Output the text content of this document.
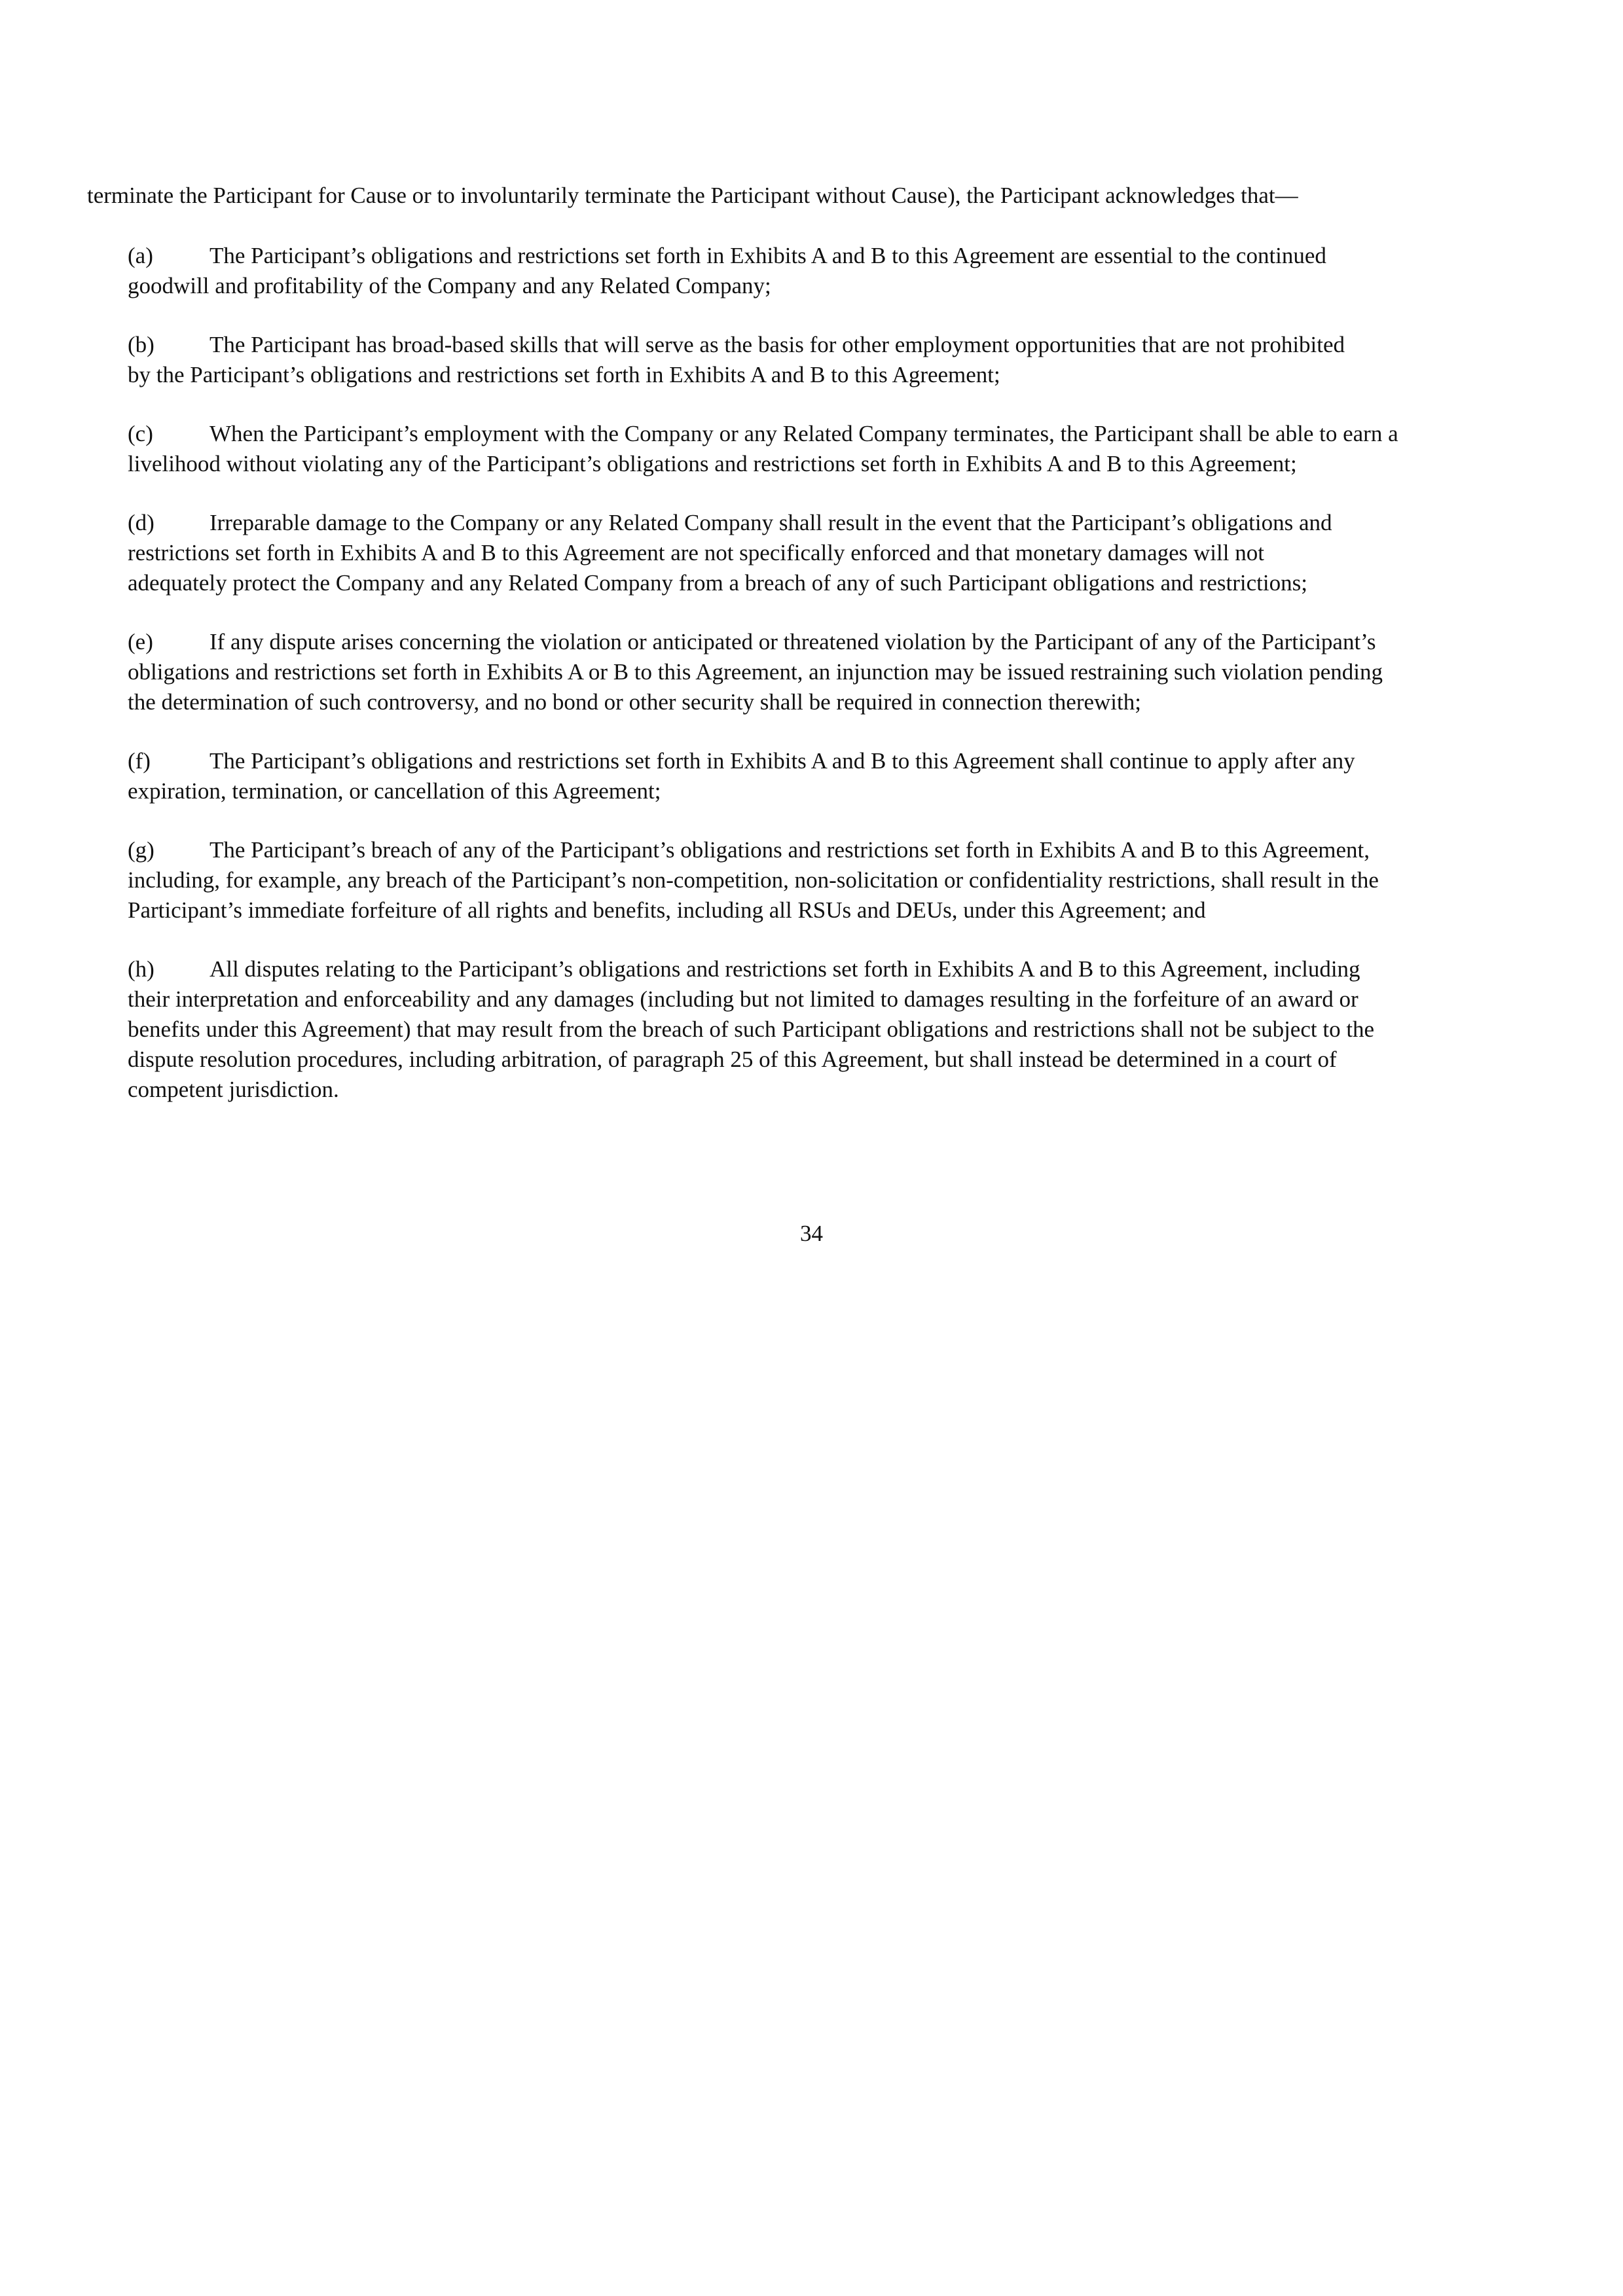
terminate the Participant for Cause or to involuntarily terminate the Participant without Cause), the Participant acknowledges that—

(a) The Participant’s obligations and restrictions set forth in Exhibits A and B to this Agreement are essential to the continued
goodwill and profitability of the Company and any Related Company;

(b) The Participant has broad-based skills that will serve as the basis for other employment opportunities that are not prohibited
by the Participant’s obligations and restrictions set forth in Exhibits A and B to this Agreement;

(c) When the Participant’s employment with the Company or any Related Company terminates, the Participant shall be able to earn a
livelihood without violating any of the Participant’s obligations and restrictions set forth in Exhibits A and B to this Agreement;

(d) Irreparable damage to the Company or any Related Company shall result in the event that the Participant’s obligations and
restrictions set forth in Exhibits A and B to this Agreement are not specifically enforced and that monetary damages will not
adequately protect the Company and any Related Company from a breach of any of such Participant obligations and restrictions;

(e) If any dispute arises concerning the violation or anticipated or threatened violation by the Participant of any of the Participant’s
obligations and restrictions set forth in Exhibits A or B to this Agreement, an injunction may be issued restraining such violation pending
the determination of such controversy, and no bond or other security shall be required in connection therewith;

(f)	The Participant’s obligations and restrictions set forth in Exhibits A and B to this Agreement shall continue to apply after any
expiration, termination, or cancellation of this Agreement;

(g) The Participant’s breach of any of the Participant’s obligations and restrictions set forth in Exhibits A and B to this Agreement,
including, for example, any breach of the Participant’s non-competition, non-solicitation or confidentiality restrictions, shall result in the
Participant’s immediate forfeiture of all rights and benefits, including all RSUs and DEUs, under this Agreement; and

(h) All disputes relating to the Participant’s obligations and restrictions set forth in Exhibits A and B to this Agreement, including
their interpretation and enforceability and any damages (including but not limited to damages resulting in the forfeiture of an award or
benefits under this Agreement) that may result from the breach of such Participant obligations and restrictions shall not be subject to the
dispute resolution procedures, including arbitration, of paragraph 25 of this Agreement, but shall instead be determined in a court of
competent jurisdiction.

34
